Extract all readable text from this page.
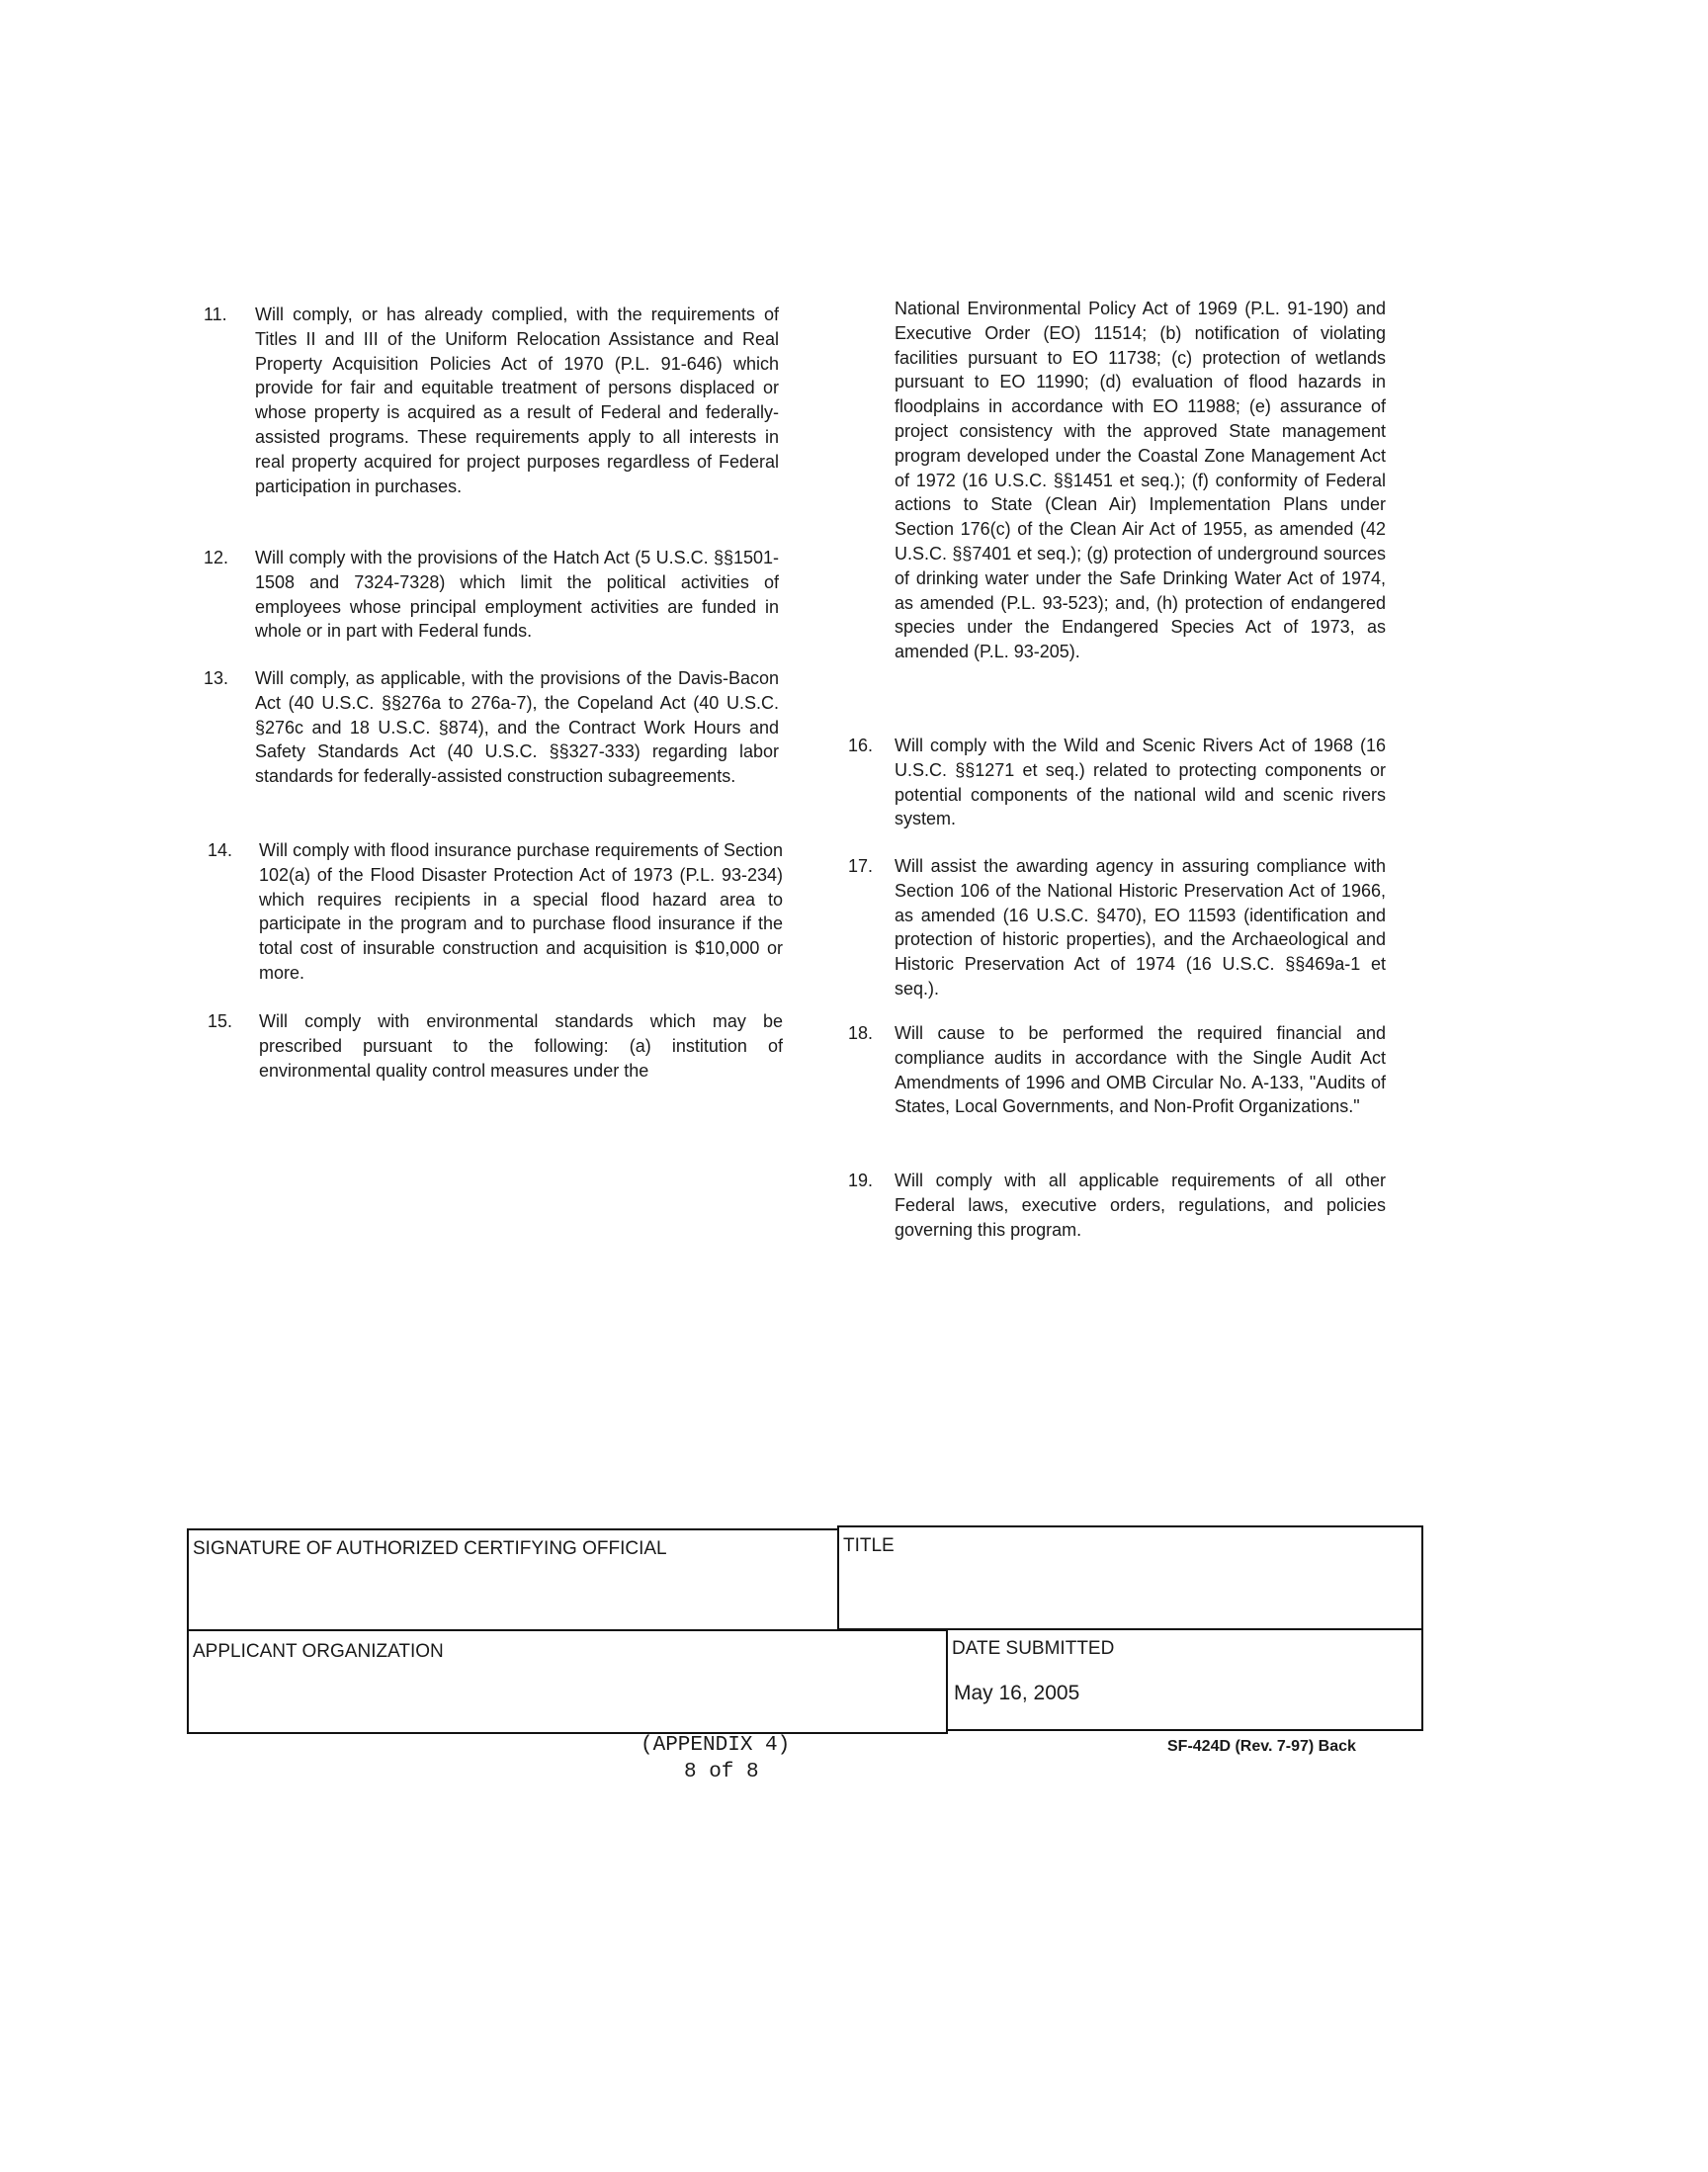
11. Will comply, or has already complied, with the requirements of Titles II and III of the Uniform Relocation Assistance and Real Property Acquisition Policies Act of 1970 (P.L. 91-646) which provide for fair and equitable treatment of persons displaced or whose property is acquired as a result of Federal and federally-assisted programs. These requirements apply to all interests in real property acquired for project purposes regardless of Federal participation in purchases.
12. Will comply with the provisions of the Hatch Act (5 U.S.C. §§1501-1508 and 7324-7328) which limit the political activities of employees whose principal employment activities are funded in whole or in part with Federal funds.
13. Will comply, as applicable, with the provisions of the Davis-Bacon Act (40 U.S.C. §§276a to 276a-7), the Copeland Act (40 U.S.C. §276c and 18 U.S.C. §874), and the Contract Work Hours and Safety Standards Act (40 U.S.C. §§327-333) regarding labor standards for federally-assisted construction subagreements.
14. Will comply with flood insurance purchase requirements of Section 102(a) of the Flood Disaster Protection Act of 1973 (P.L. 93-234) which requires recipients in a special flood hazard area to participate in the program and to purchase flood insurance if the total cost of insurable construction and acquisition is $10,000 or more.
15. Will comply with environmental standards which may be prescribed pursuant to the following: (a) institution of environmental quality control measures under the
National Environmental Policy Act of 1969 (P.L. 91-190) and Executive Order (EO) 11514; (b) notification of violating facilities pursuant to EO 11738; (c) protection of wetlands pursuant to EO 11990; (d) evaluation of flood hazards in floodplains in accordance with EO 11988; (e) assurance of project consistency with the approved State management program developed under the Coastal Zone Management Act of 1972 (16 U.S.C. §§1451 et seq.); (f) conformity of Federal actions to State (Clean Air) Implementation Plans under Section 176(c) of the Clean Air Act of 1955, as amended (42 U.S.C. §§7401 et seq.); (g) protection of underground sources of drinking water under the Safe Drinking Water Act of 1974, as amended (P.L. 93-523); and, (h) protection of endangered species under the Endangered Species Act of 1973, as amended (P.L. 93-205).
16. Will comply with the Wild and Scenic Rivers Act of 1968 (16 U.S.C. §§1271 et seq.) related to protecting components or potential components of the national wild and scenic rivers system.
17. Will assist the awarding agency in assuring compliance with Section 106 of the National Historic Preservation Act of 1966, as amended (16 U.S.C. §470), EO 11593 (identification and protection of historic properties), and the Archaeological and Historic Preservation Act of 1974 (16 U.S.C. §§469a-1 et seq.).
18. Will cause to be performed the required financial and compliance audits in accordance with the Single Audit Act Amendments of 1996 and OMB Circular No. A-133, "Audits of States, Local Governments, and Non-Profit Organizations."
19. Will comply with all applicable requirements of all other Federal laws, executive orders, regulations, and policies governing this program.
SIGNATURE OF AUTHORIZED CERTIFYING OFFICIAL	TITLE
APPLICANT ORGANIZATION	DATE SUBMITTED
May 16, 2005
(APPENDIX 4)
8 of 8
SF-424D (Rev. 7-97) Back
